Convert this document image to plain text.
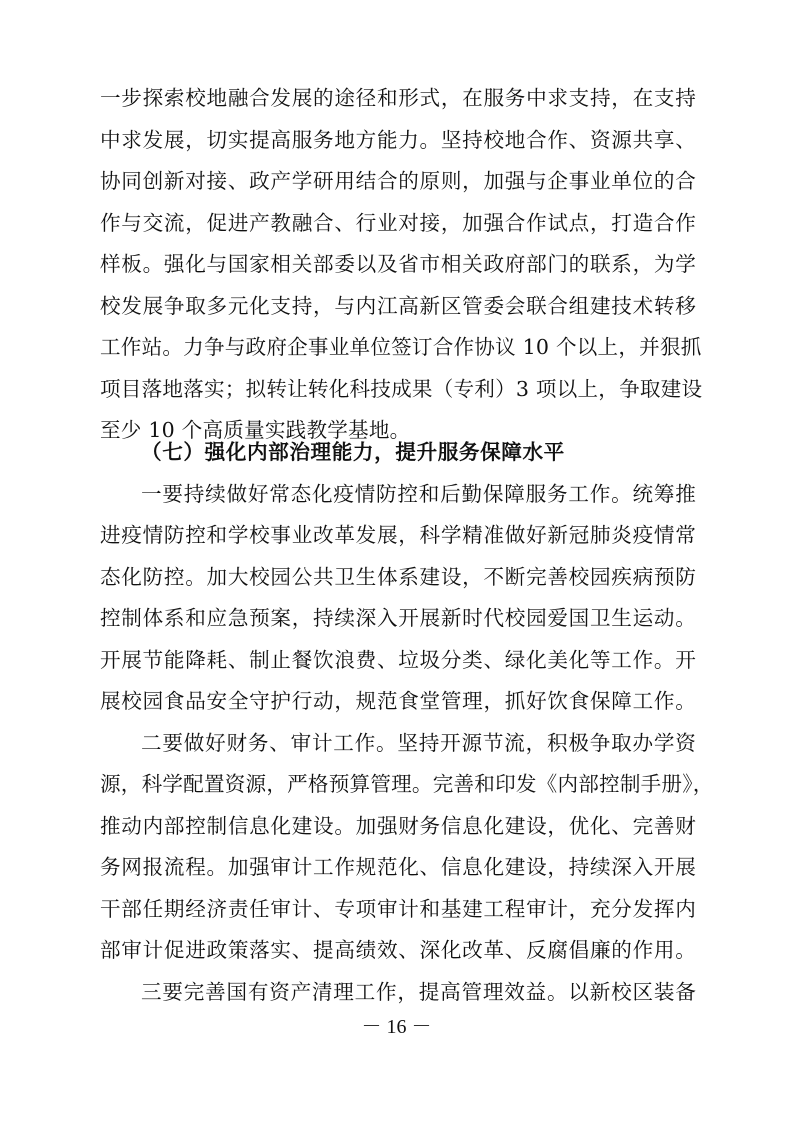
一步探索校地融合发展的途径和形式，在服务中求支持，在支持
中求发展，切实提高服务地方能力。坚持校地合作、资源共享、
协同创新对接、政产学研用结合的原则，加强与企事业单位的合
作与交流，促进产教融合、行业对接，加强合作试点，打造合作
样板。强化与国家相关部委以及省市相关政府部门的联系，为学
校发展争取多元化支持，与内江高新区管委会联合组建技术转移
工作站。力争与政府企事业单位签订合作协议 10 个以上，并狠抓
项目落地落实；拟转让转化科技成果（专利）3 项以上，争取建设
至少 10 个高质量实践教学基地。
（七）强化内部治理能力，提升服务保障水平
一要持续做好常态化疫情防控和后勤保障服务工作。统筹推
进疫情防控和学校事业改革发展，科学精准做好新冠肺炎疫情常
态化防控。加大校园公共卫生体系建设，不断完善校园疾病预防
控制体系和应急预案，持续深入开展新时代校园爱国卫生运动。
开展节能降耗、制止餐饮浪费、垃圾分类、绿化美化等工作。开
展校园食品安全守护行动，规范食堂管理，抓好饮食保障工作。
二要做好财务、审计工作。坚持开源节流，积极争取办学资
源，科学配置资源，严格预算管理。完善和印发《内部控制手册》，
推动内部控制信息化建设。加强财务信息化建设，优化、完善财
务网报流程。加强审计工作规范化、信息化建设，持续深入开展
干部任期经济责任审计、专项审计和基建工程审计，充分发挥内
部审计促进政策落实、提高绩效、深化改革、反腐倡廉的作用。
三要完善国有资产清理工作，提高管理效益。以新校区装备
－ 16 －
